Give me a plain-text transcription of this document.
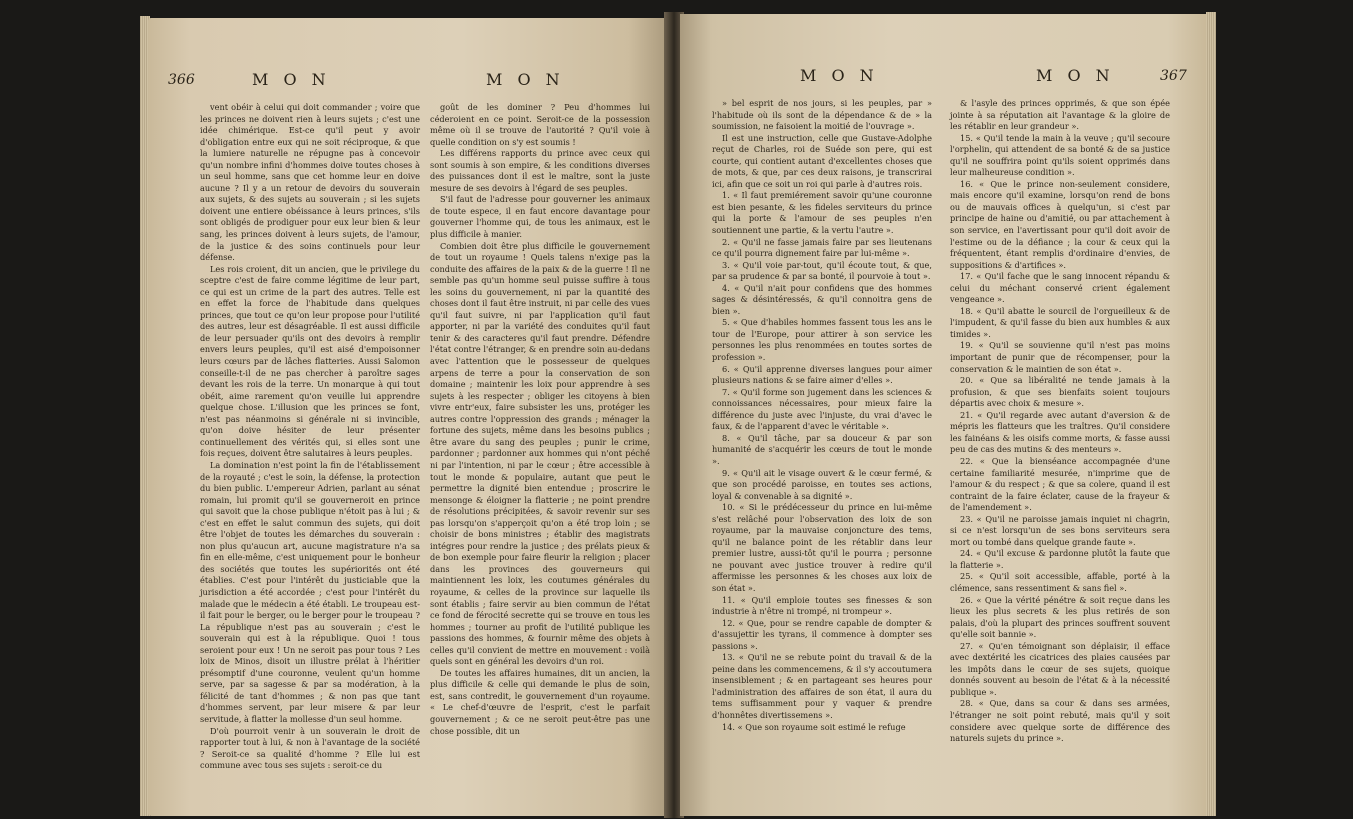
366	M O N	M O N

vent obéir à celui qui doit commander ; voire que les princes ne doivent rien à leurs sujets ; c'est une idée chimérique. Est-ce qu'il peut y avoir d'obligation entre eux qui ne soit réciproque, & que la lumiere naturelle ne répugne pas à concevoir qu'un nombre infini d'hommes doive toutes choses à un seul homme, sans que cet homme leur en doive aucune ? Il y a un retour de devoirs du souverain aux sujets, & des sujets au souverain ; si les sujets doivent une entiere obéissance à leurs princes, s'ils sont obligés de prodiguer pour eux leur bien & leur sang, les princes doivent à leurs sujets, de l'amour, de la justice & des soins continuels pour leur défense.

Les rois croient, dit un ancien, que le privilege du sceptre c'est de faire comme légitime de leur part, ce qui est un crime de la part des autres. Telle est en effet la force de l'habitude dans quelques princes, que tout ce qu'on leur propose pour l'utilité des autres, leur est désagréable. Il est aussi difficile de leur persuader qu'ils ont des devoirs à remplir envers leurs peuples, qu'il est aisé d'empoisonner leurs cœurs par de lâches flatteries. Aussi Salomon conseille-t-il de ne pas chercher à paroître sages devant les rois de la terre. Un monarque à qui tout obéit, aime rarement qu'on veuille lui apprendre quelque chose. L'illusion que les princes se font, n'est pas néanmoins si générale ni si invincible, qu'on doive hésiter de leur présenter continuellement des vérités qui, si elles sont une fois reçues, doivent être salutaires à leurs peuples.

La domination n'est point la fin de l'établissement de la royauté ; c'est le soin, la défense, la protection du bien public. L'empereur Adrien, parlant au sénat romain, lui promit qu'il se gouverneroit en prince qui savoit que la chose publique n'étoit pas à lui ; & c'est en effet le salut commun des sujets, qui doit être l'objet de toutes les démarches du souverain : non plus qu'aucun art, aucune magistrature n'a sa fin en elle-même, c'est uniquement pour le bonheur des sociétés que toutes les supériorités ont été établies. C'est pour l'intérêt du justiciable que la jurisdiction a été accordée ; c'est pour l'intérêt du malade que le médecin a été établi. Le troupeau est-il fait pour le berger, ou le berger pour le troupeau ? La république n'est pas au souverain ; c'est le souverain qui est à la république. Quoi ! tous seroient pour eux ! Un ne seroit pas pour tous ? Les loix de Minos, disoit un illustre prélat à l'héritier présomptif d'une couronne, veulent qu'un homme serve, par sa sagesse & par sa modération, à la félicité de tant d'hommes ; & non pas que tant d'hommes servent, par leur misere & par leur servitude, à flatter la mollesse d'un seul homme.

D'où pourroit venir à un souverain le droit de rapporter tout à lui, & non à l'avantage de la société ? Seroit-ce sa qualité d'homme ? Elle lui est commune avec tous ses sujets : seroit-ce du

goût de les dominer ? Peu d'hommes lui céderoient en ce point. Seroit-ce de la possession même où il se trouve de l'autorité ? Qu'il voie à quelle condition on s'y est soumis !

Les différens rapports du prince avec ceux qui sont soumis à son empire, & les conditions diverses des puissances dont il est le maître, sont la juste mesure de ses devoirs à l'égard de ses peuples.

S'il faut de l'adresse pour gouverner les animaux de toute espece, il en faut encore davantage pour gouverner l'homme qui, de tous les animaux, est le plus difficile à manier.

Combien doit être plus difficile le gouvernement de tout un royaume ! Quels talens n'exige pas la conduite des affaires de la paix & de la guerre ! Il ne semble pas qu'un homme seul puisse suffire à tous les soins du gouvernement, ni par la quantité des choses dont il faut être instruit, ni par celle des vues qu'il faut suivre, ni par l'application qu'il faut apporter, ni par la variété des conduites qu'il faut tenir & des caracteres qu'il faut prendre. Défendre l'état contre l'étranger, & en prendre soin au-dedans avec l'attention que le possesseur de quelques arpens de terre a pour la conservation de son domaine ; maintenir les loix pour apprendre à ses sujets à les respecter ; obliger les citoyens à bien vivre entr'eux, faire subsister les uns, protéger les autres contre l'oppression des grands ; ménager la fortune des sujets, même dans les besoins publics ; être avare du sang des peuples ; punir le crime, pardonner ; pardonner aux hommes qui n'ont péché ni par l'intention, ni par le cœur ; être accessible à tout le monde & populaire, autant que peut le permettre la dignité bien entendue ; proscrire le mensonge & éloigner la flatterie ; ne point prendre de résolutions précipitées, & savoir revenir sur ses pas lorsqu'on s'apperçoit qu'on a été trop loin ; se choisir de bons ministres ; établir des magistrats intégres pour rendre la justice ; des prélats pieux & de bon exemple pour faire fleurir la religion ; placer dans les provinces des gouverneurs qui maintiennent les loix, les coutumes générales du royaume, & celles de la province sur laquelle ils sont établis ; faire servir au bien commun de l'état ce fond de férocité secrette qui se trouve en tous les hommes ; tourner au profit de l'utilité publique les passions des hommes, & fournir même des objets à celles qu'il convient de mettre en mouvement : voilà quels sont en général les devoirs d'un roi.

De toutes les affaires humaines, dit un ancien, la plus difficile & celle qui demande le plus de soin, est, sans contredit, le gouvernement d'un royaume. « Le chef-d'œuvre de l'esprit, c'est le parfait gouvernement ; & ce ne seroit peut-être pas une chose possible, dit un

M O N	M O N	367

» bel esprit de nos jours, si les peuples, par » l'habitude où ils sont de la dépendance & de » la soumission, ne faisoient la moitié de l'ouvrage ».

Il est une instruction, celle que Gustave-Adolphe reçut de Charles, roi de Suéde son pere, qui est courte, qui contient autant d'excellentes choses que de mots, & que, par ces deux raisons, je transcrirai ici, afin que ce soit un roi qui parle à d'autres rois.

1. « Il faut premiérement savoir qu'une couronne est bien pesante, & les fideles serviteurs du prince qui la porte & l'amour de ses peuples n'en soutiennent une partie, & la vertu l'autre ».

2. « Qu'il ne fasse jamais faire par ses lieutenans ce qu'il pourra dignement faire par lui-même ».

3. « Qu'il voie par-tout, qu'il écoute tout, & que, par sa prudence & par sa bonté, il pourvoie à tout ».

4. « Qu'il n'ait pour confidens que des hommes sages & désintéressés, & qu'il connoitra gens de bien ».

5. « Que d'habiles hommes fassent tous les ans le tour de l'Europe, pour attirer à son service les personnes les plus renommées en toutes sortes de profession ».

6. « Qu'il apprenne diverses langues pour aimer plusieurs nations & se faire aimer d'elles ».

7. « Qu'il forme son jugement dans les sciences & connoissances nécessaires, pour mieux faire la différence du juste avec l'injuste, du vrai d'avec le faux, & de l'apparent d'avec le véritable ».

8. « Qu'il tâche, par sa douceur & par son humanité de s'acquérir les cœurs de tout le monde ».

9. « Qu'il ait le visage ouvert & le cœur fermé, & que son procédé paroisse, en toutes ses actions, loyal & convenable à sa dignité ».

10. « Si le prédécesseur du prince en lui-même s'est relâché pour l'observation des loix de son royaume, par la mauvaise conjoncture des tems, qu'il ne balance point de les rétablir dans leur premier lustre, aussi-tôt qu'il le pourra ; personne ne pouvant avec justice trouver à redire qu'il affermisse les personnes & les choses aux loix de son état ».

11. « Qu'il emploie toutes ses finesses & son industrie à n'être ni trompé, ni trompeur ».

12. « Que, pour se rendre capable de dompter & d'assujettir les tyrans, il commence à dompter ses passions ».

13. « Qu'il ne se rebute point du travail & de la peine dans les commencemens, & il s'y accoutumera insensiblement ; & en partageant ses heures pour l'administration des affaires de son état, il aura du tems suffisamment pour y vaquer & prendre d'honnêtes divertissemens ».

14. « Que son royaume soit estimé le refuge

& l'asyle des princes opprimés, & que son épée jointe à sa réputation ait l'avantage & la gloire de les rétablir en leur grandeur ».

15. « Qu'il tende la main à la veuve ; qu'il secoure l'orphelin, qui attendent de sa bonté & de sa justice qu'il ne souffrira point qu'ils soient opprimés dans leur malheureuse condition ».

16. « Que le prince non-seulement considere, mais encore qu'il examine, lorsqu'on rend de bons ou de mauvais offices à quelqu'un, si c'est par principe de haine ou d'amitié, ou par attachement à son service, en l'avertissant pour qu'il doit avoir de l'estime ou de la défiance ; la cour & ceux qui la fréquentent, étant remplis d'ordinaire d'envies, de suppositions & d'artifices ».

17. « Qu'il fache que le sang innocent répandu & celui du méchant conservé crient également vengeance ».

18. « Qu'il abatte le sourcil de l'orgueilleux & de l'impudent, & qu'il fasse du bien aux humbles & aux timides ».

19. « Qu'il se souvienne qu'il n'est pas moins important de punir que de récompenser, pour la conservation & le maintien de son état ».

20. « Que sa libéralité ne tende jamais à la profusion, & que ses bienfaits soient toujours départis avec choix & mesure ».

21. « Qu'il regarde avec autant d'aversion & de mépris les flatteurs que les traîtres. Qu'il considere les fainéans & les oisifs comme morts, & fasse aussi peu de cas des mutins & des menteurs ».

22. « Que la bienséance accompagnée d'une certaine familiarité mesurée, n'imprime que de l'amour & du respect ; & que sa colere, quand il est contraint de la faire éclater, cause de la frayeur & de l'amendement ».

23. « Qu'il ne paroisse jamais inquiet ni chagrin, si ce n'est lorsqu'un de ses bons serviteurs sera mort ou tombé dans quelque grande faute ».

24. « Qu'il excuse & pardonne plutôt la faute que la flatterie ».

25. « Qu'il soit accessible, affable, porté à la clémence, sans ressentiment & sans fiel ».

26. « Que la vérité pénétre & soit reçue dans les lieux les plus secrets & les plus retirés de son palais, d'où la plupart des princes souffrent souvent qu'elle soit bannie ».

27. « Qu'en témoignant son déplaisir, il efface avec dextérité les cicatrices des plaies causées par les impôts dans le cœur de ses sujets, quoique donnés souvent au besoin de l'état & à la nécessité publique ».

28. « Que, dans sa cour & dans ses armées, l'étranger ne soit point rebuté, mais qu'il y soit considere avec quelque sorte de différence des naturels sujets du prince ».
